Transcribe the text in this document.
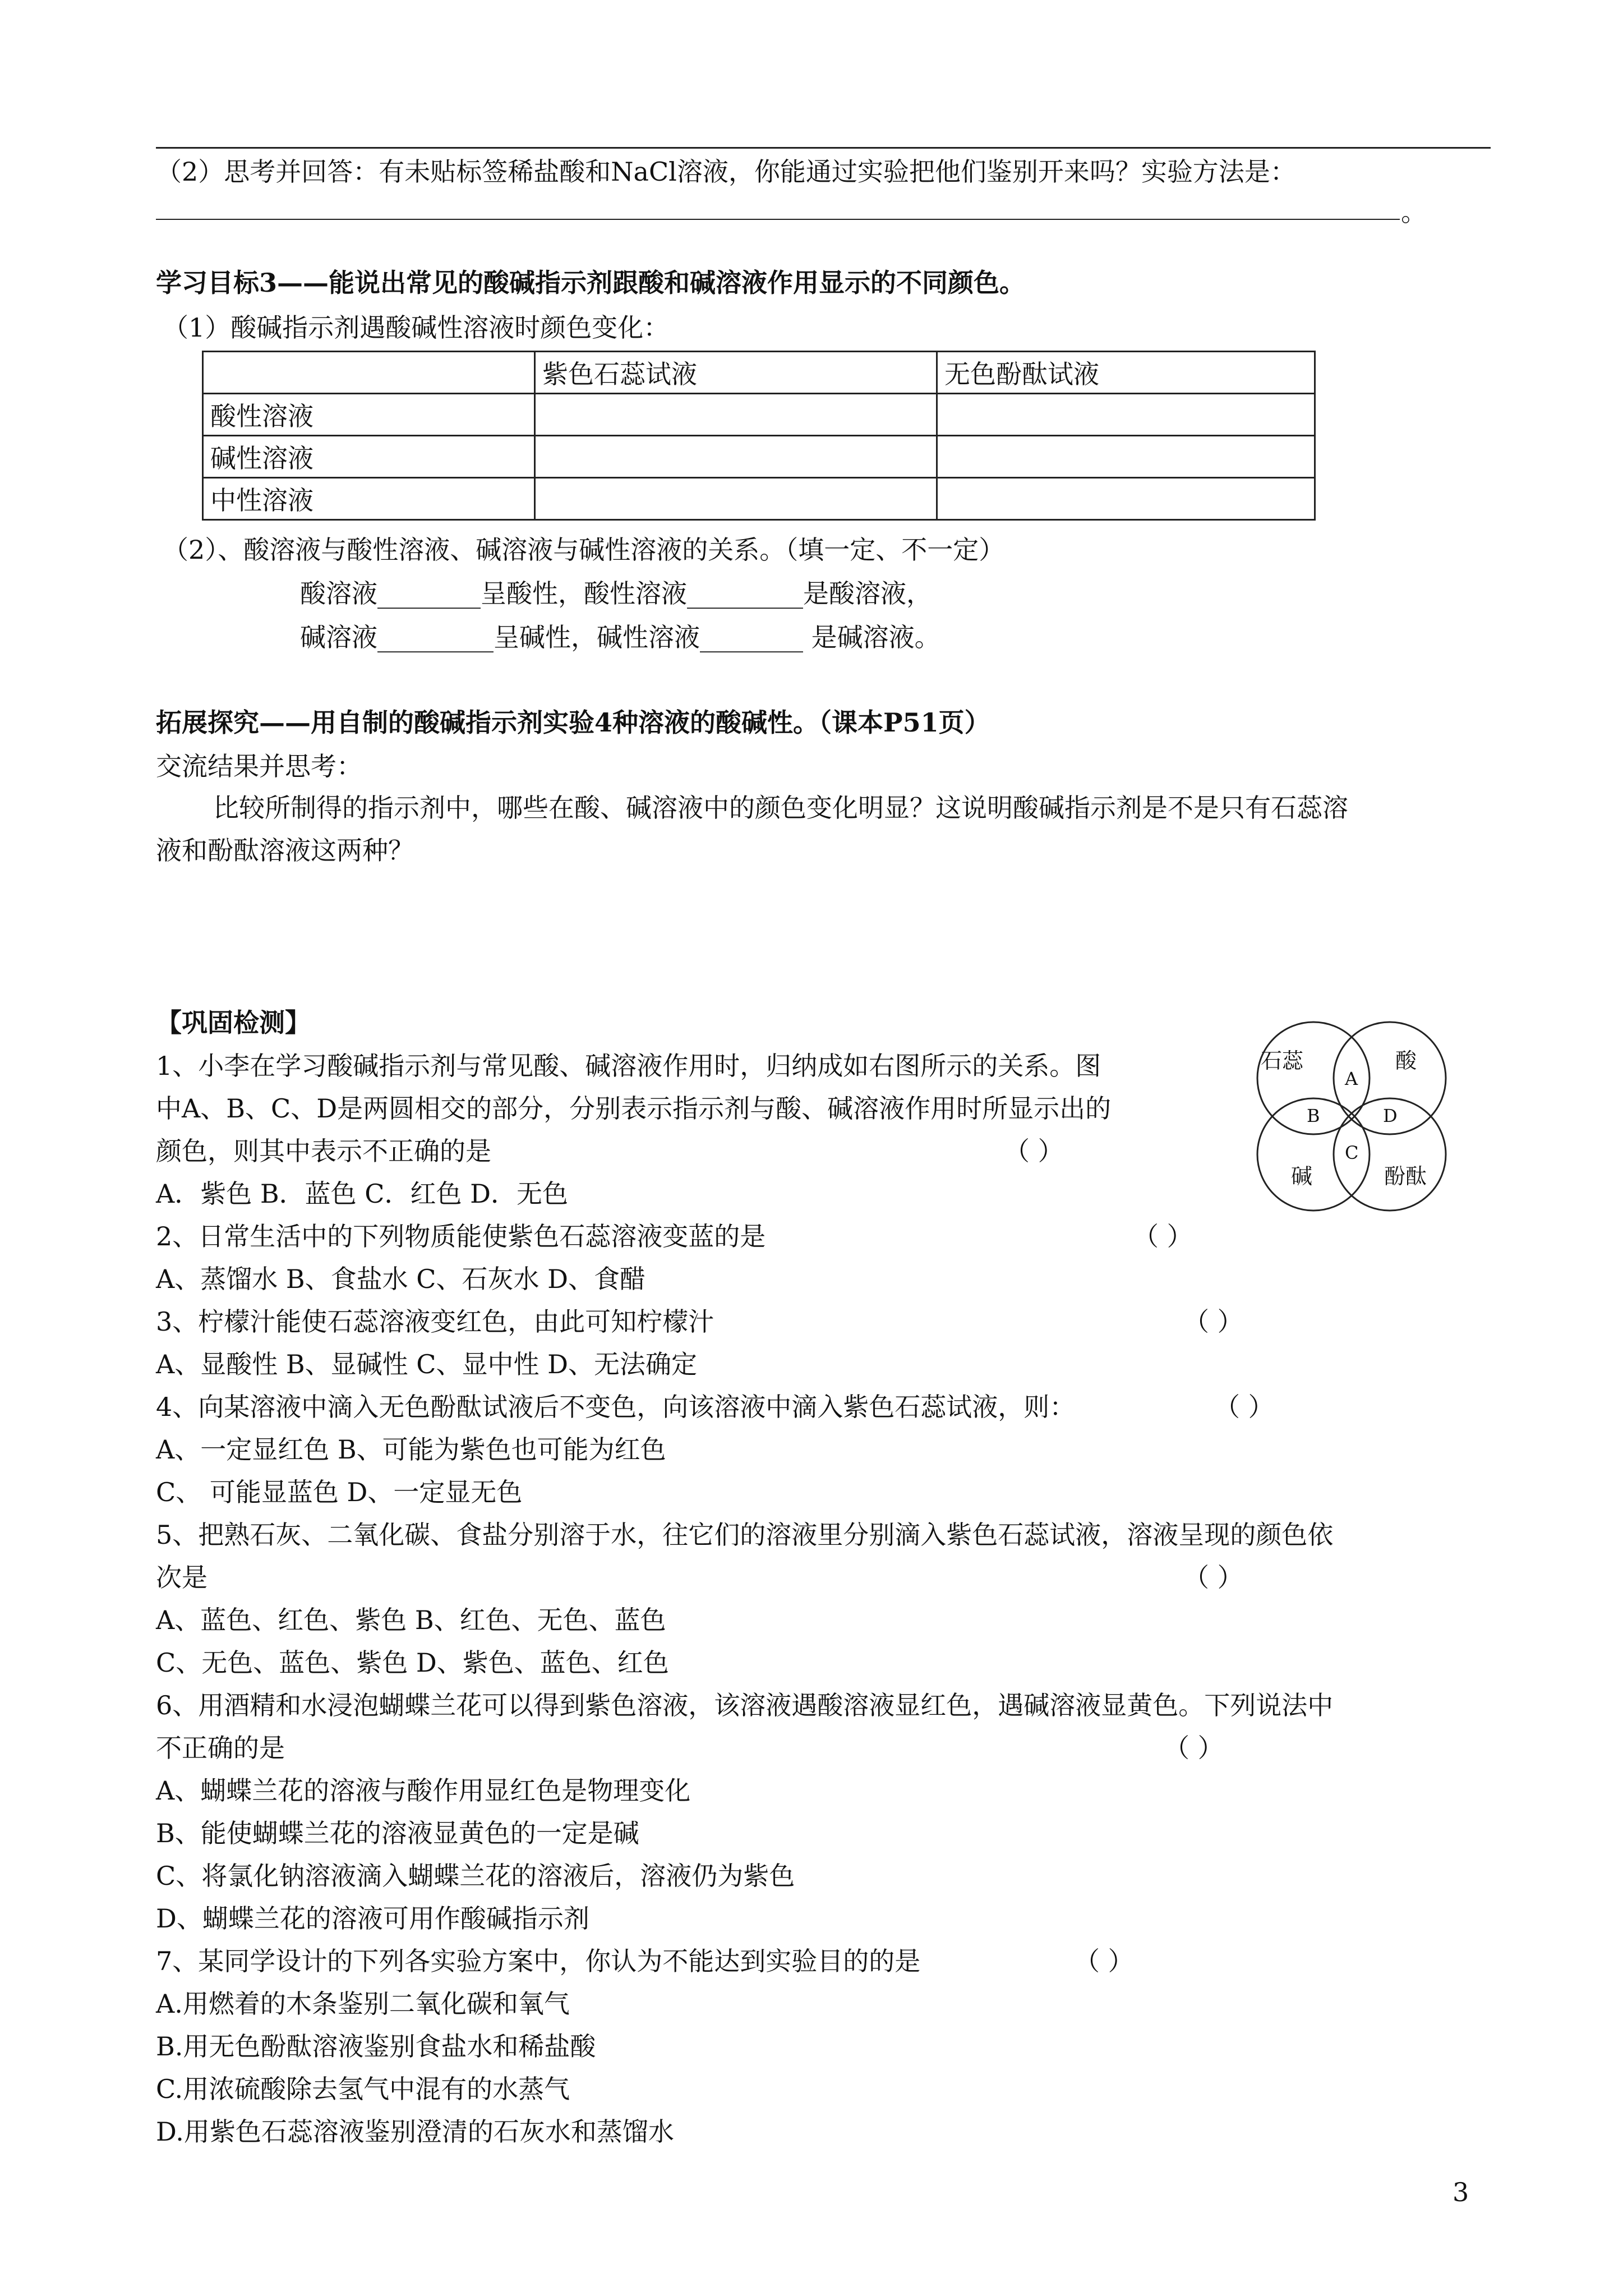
（2）思考并回答：有未贴标签稀盐酸和NaCl溶液，你能通过实验把他们鉴别开来吗？实验方法是：
。
学习目标3——能说出常见的酸碱指示剂跟酸和碱溶液作用显示的不同颜色。
（1）酸碱指示剂遇酸碱性溶液时颜色变化：
	紫色石蕊试液	无色酚酞试液
酸性溶液		
碱性溶液		
中性溶液		
（2）、酸溶液与酸性溶液、碱溶液与碱性溶液的关系。（填一定、不一定）
酸溶液________呈酸性，酸性溶液_________是酸溶液，
碱溶液_________呈碱性，碱性溶液________ 是碱溶液。
拓展探究——用自制的酸碱指示剂实验4种溶液的酸碱性。（课本P51页）
交流结果并思考：
比较所制得的指示剂中，哪些在酸、碱溶液中的颜色变化明显？这说明酸碱指示剂是不是只有石蕊溶
液和酚酞溶液这两种？
【巩固检测】
1、小李在学习酸碱指示剂与常见酸、碱溶液作用时，归纳成如右图所示的关系。图
中A、B、C、D是两圆相交的部分，分别表示指示剂与酸、碱溶液作用时所显示出的
颜色，则其中表示不正确的是	（ ）
A．紫色 B．蓝色 C．红色 D．无色
2、日常生活中的下列物质能使紫色石蕊溶液变蓝的是	（ ）
A、蒸馏水 B、食盐水 C、石灰水 D、食醋
3、柠檬汁能使石蕊溶液变红色，由此可知柠檬汁	（ ）
A、显酸性 B、显碱性 C、显中性 D、无法确定
4、向某溶液中滴入无色酚酞试液后不变色，向该溶液中滴入紫色石蕊试液，则：	（ ）
A、一定显红色 B、可能为紫色也可能为红色
C、 可能显蓝色 D、一定显无色
5、把熟石灰、二氧化碳、食盐分别溶于水，往它们的溶液里分别滴入紫色石蕊试液，溶液呈现的颜色依
次是	（ ）
A、蓝色、红色、紫色 B、红色、无色、蓝色
C、无色、蓝色、紫色 D、紫色、蓝色、红色
6、用酒精和水浸泡蝴蝶兰花可以得到紫色溶液，该溶液遇酸溶液显红色，遇碱溶液显黄色。下列说法中
不正确的是	（ ）
A、蝴蝶兰花的溶液与酸作用显红色是物理变化
B、能使蝴蝶兰花的溶液显黄色的一定是碱
C、将氯化钠溶液滴入蝴蝶兰花的溶液后，溶液仍为紫色
D、蝴蝶兰花的溶液可用作酸碱指示剂
7、某同学设计的下列各实验方案中，你认为不能达到实验目的的是	（ ）
A.用燃着的木条鉴别二氧化碳和氧气
B.用无色酚酞溶液鉴别食盐水和稀盐酸
C.用浓硫酸除去氢气中混有的水蒸气
D.用紫色石蕊溶液鉴别澄清的石灰水和蒸馏水
石蕊	酸
碱	酚酞
A
B	D
C
3
